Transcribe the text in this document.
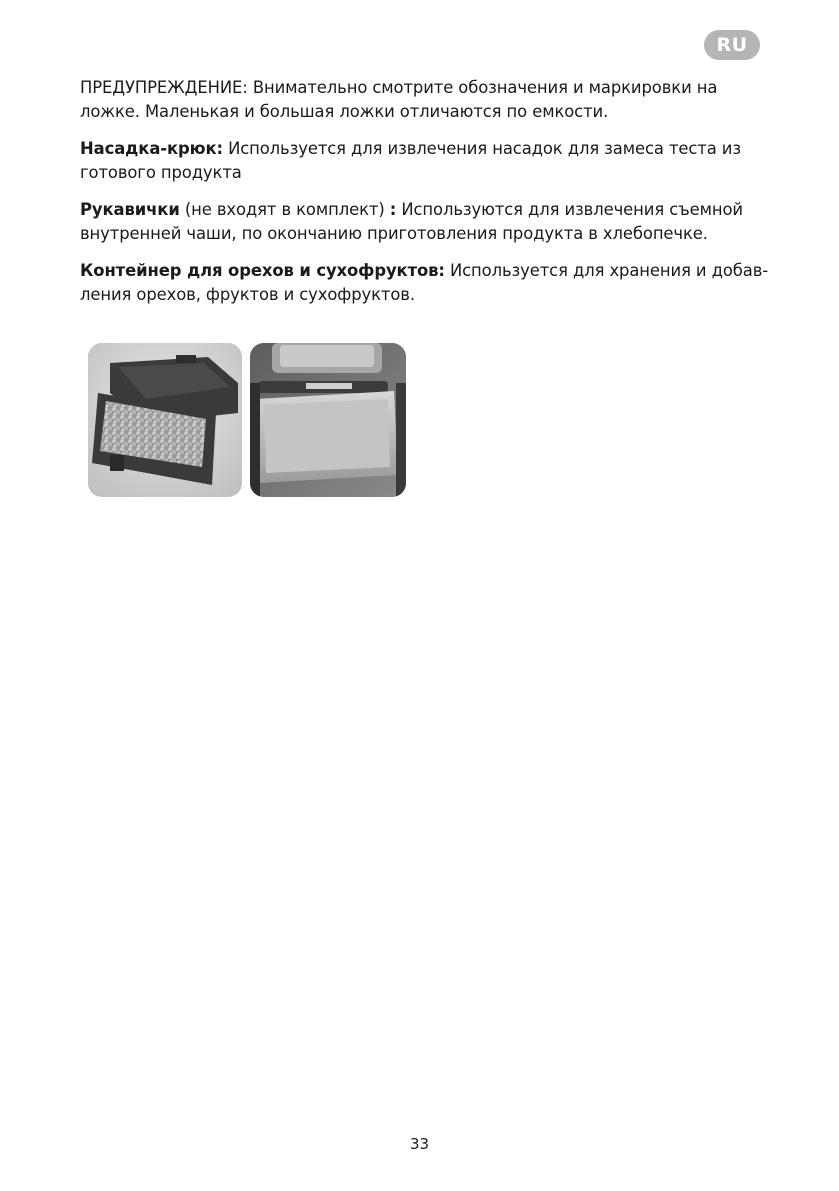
RU

ПРЕДУПРЕЖДЕНИЕ: Внимательно смотрите обозначения и маркировки на ложке. Маленькая и большая ложки отличаются по емкости.

Насадка-крюк: Используется для извлечения насадок для замеса теста из готового продукта

Рукавички (не входят в комплект) : Используются для извлечения съемной внутренней чаши, по окончанию приготовления продукта в хлебопечке.

Контейнер для орехов и сухофруктов: Используется для хранения и добав-ления орехов, фруктов и сухофруктов.

33
